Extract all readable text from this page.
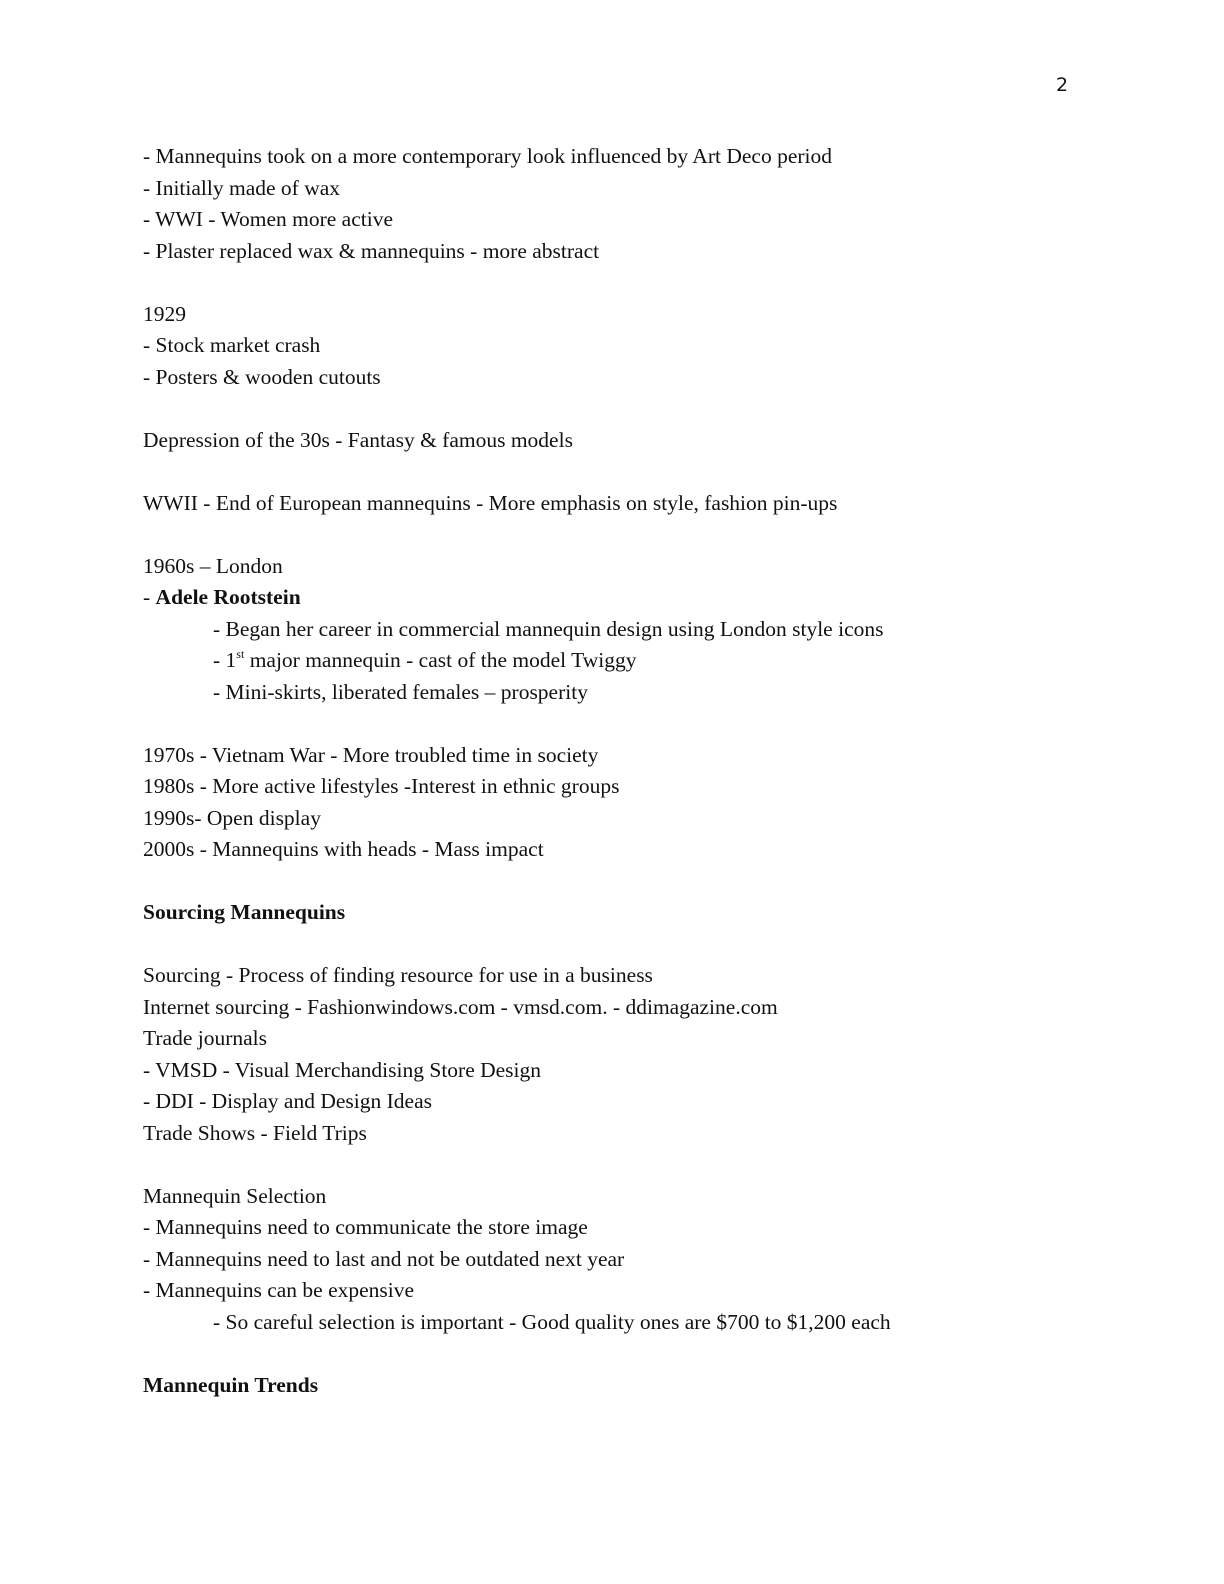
2
- Mannequins took on a more contemporary look influenced by Art Deco period
- Initially made of wax
- WWI - Women more active
- Plaster replaced wax & mannequins - more abstract
1929
- Stock market crash
- Posters & wooden cutouts
Depression of the 30s - Fantasy & famous models
WWII - End of European mannequins - More emphasis on style, fashion pin-ups
1960s – London
- Adele Rootstein
- Began her career in commercial mannequin design using London style icons
- 1st major mannequin - cast of the model Twiggy
- Mini-skirts, liberated females – prosperity
1970s - Vietnam War - More troubled time in society
1980s - More active lifestyles -Interest in ethnic groups
1990s- Open display
2000s - Mannequins with heads - Mass impact
Sourcing Mannequins
Sourcing - Process of finding resource for use in a business
Internet sourcing - Fashionwindows.com - vmsd.com. - ddimagazine.com
Trade journals
- VMSD - Visual Merchandising Store Design
- DDI - Display and Design Ideas
Trade Shows - Field Trips
Mannequin Selection
- Mannequins need to communicate the store image
- Mannequins need to last and not be outdated next year
- Mannequins can be expensive
- So careful selection is important - Good quality ones are $700 to $1,200 each
Mannequin Trends
